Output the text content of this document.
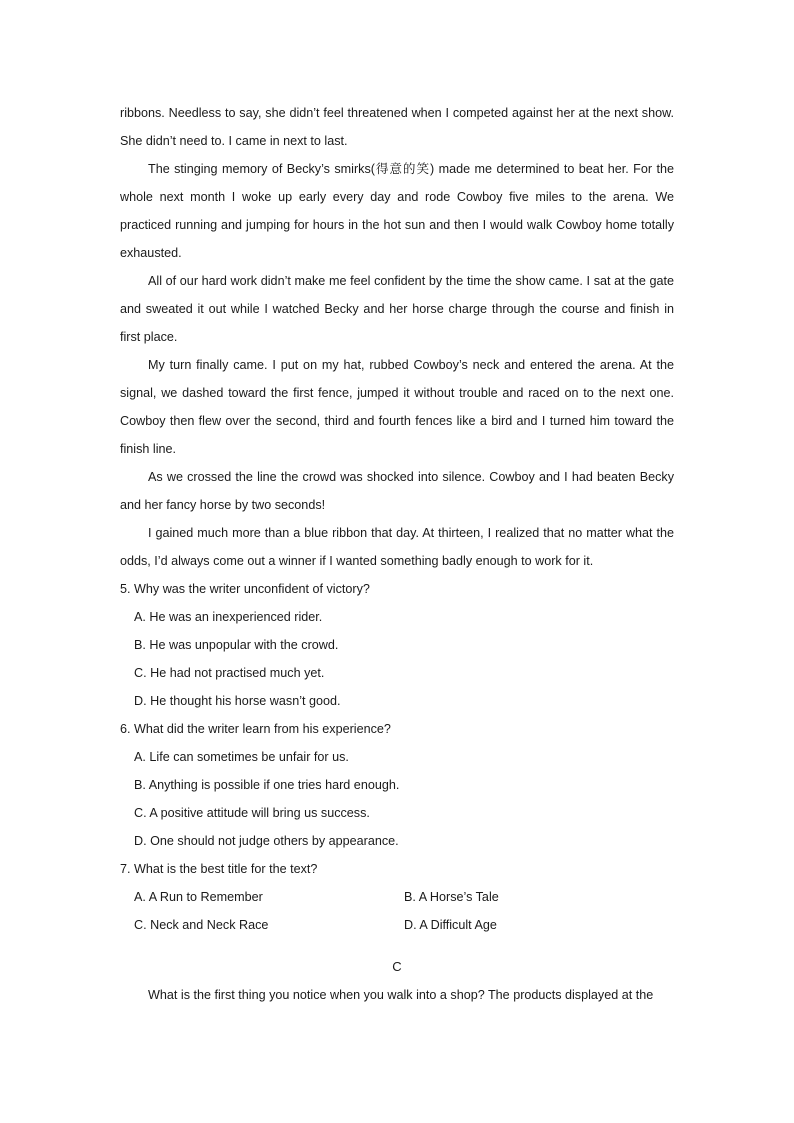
ribbons. Needless to say, she didn’t feel threatened when I competed against her at the next show. She didn’t need to. I came in next to last.

The stinging memory of Becky’s smirks(得意的笑) made me determined to beat her. For the whole next month I woke up early every day and rode Cowboy five miles to the arena. We practiced running and jumping for hours in the hot sun and then I would walk Cowboy home totally exhausted.

All of our hard work didn’t make me feel confident by the time the show came. I sat at the gate and sweated it out while I watched Becky and her horse charge through the course and finish in first place.

My turn finally came. I put on my hat, rubbed Cowboy’s neck and entered the arena. At the signal, we dashed toward the first fence, jumped it without trouble and raced on to the next one. Cowboy then flew over the second, third and fourth fences like a bird and I turned him toward the finish line.

As we crossed the line the crowd was shocked into silence. Cowboy and I had beaten Becky and her fancy horse by two seconds!

I gained much more than a blue ribbon that day. At thirteen, I realized that no matter what the odds, I’d always come out a winner if I wanted something badly enough to work for it.

5. Why was the writer unconfident of victory?

A. He was an inexperienced rider.

B. He was unpopular with the crowd.

C. He had not practised much yet.

D. He thought his horse wasn’t good.

6. What did the writer learn from his experience?

A. Life can sometimes be unfair for us.

B. Anything is possible if one tries hard enough.

C. A positive attitude will bring us success.

D. One should not judge others by appearance.

7. What is the best title for the text?

A. A Run to Remember	B. A Horse’s Tale
C. Neck and Neck Race	D. A Difficult Age

C

What is the first thing you notice when you walk into a shop? The products displayed at the
